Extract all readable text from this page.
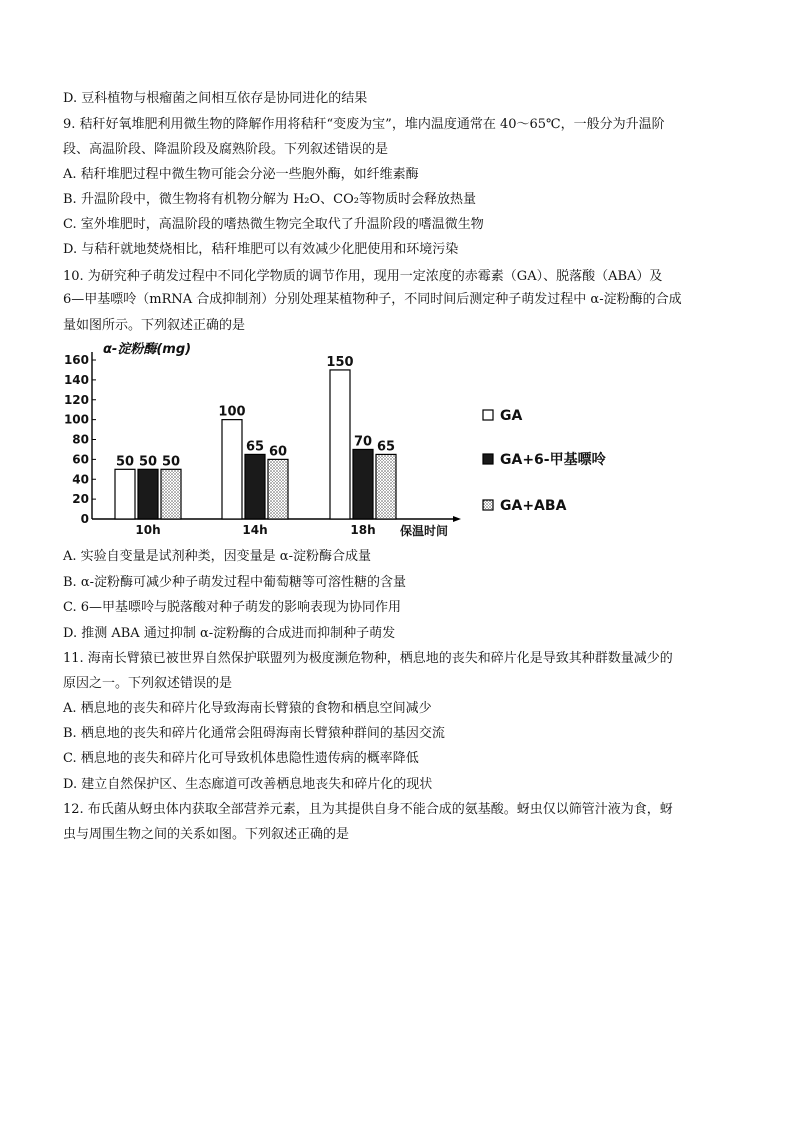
D. 豆科植物与根瘤菌之间相互依存是协同进化的结果
9. 秸秆好氧堆肥利用微生物的降解作用将秸秆“变废为宝”，堆内温度通常在 40～65℃，一般分为升温阶
段、高温阶段、降温阶段及腐熟阶段。下列叙述错误的是
A. 秸秆堆肥过程中微生物可能会分泌一些胞外酶，如纤维素酶
B. 升温阶段中，微生物将有机物分解为 H₂O、CO₂等物质时会释放热量
C. 室外堆肥时，高温阶段的嗜热微生物完全取代了升温阶段的嗜温微生物
D. 与秸秆就地焚烧相比，秸秆堆肥可以有效减少化肥使用和环境污染
10. 为研究种子萌发过程中不同化学物质的调节作用，现用一定浓度的赤霉素（GA）、脱落酸（ABA）及
6—甲基嘌呤（mRNA 合成抑制剂）分别处理某植物种子，不同时间后测定种子萌发过程中 α-淀粉酶的合成
量如图所示。下列叙述正确的是
A. 实验自变量是试剂种类，因变量是 α-淀粉酶合成量
B. α-淀粉酶可减少种子萌发过程中葡萄糖等可溶性糖的含量
C. 6—甲基嘌呤与脱落酸对种子萌发的影响表现为协同作用
D. 推测 ABA 通过抑制 α-淀粉酶的合成进而抑制种子萌发
11. 海南长臂猿已被世界自然保护联盟列为极度濒危物种，栖息地的丧失和碎片化是导致其种群数量减少的
原因之一。下列叙述错误的是
A. 栖息地的丧失和碎片化导致海南长臂猿的食物和栖息空间减少
B. 栖息地的丧失和碎片化通常会阻碍海南长臂猿种群间的基因交流
C. 栖息地的丧失和碎片化可导致机体患隐性遗传病的概率降低
D. 建立自然保护区、生态廊道可改善栖息地丧失和碎片化的现状
12. 布氏菌从蚜虫体内获取全部营养元素，且为其提供自身不能合成的氨基酸。蚜虫仅以筛管汁液为食，蚜
虫与周围生物之间的关系如图。下列叙述正确的是
0
20
40
60
80
100
120
140
160
α-淀粉酶(mg)
50 50 50
10h
100
65 60
14h
150
70 65
18h 保温时间
GA
GA+6-甲基嘌呤
GA+ABA
